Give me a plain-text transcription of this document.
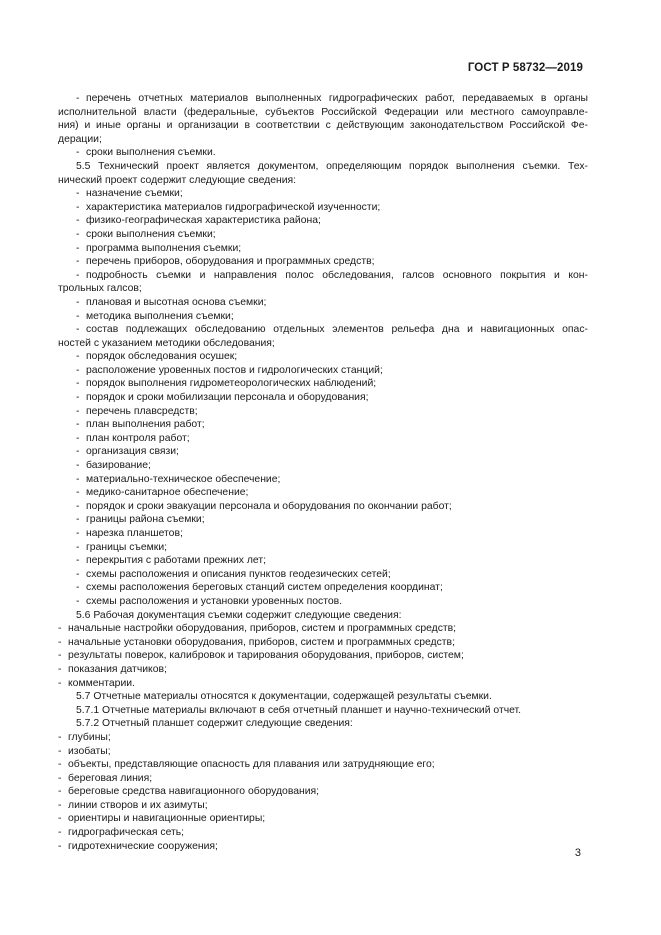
ГОСТ Р 58732—2019
- перечень отчетных материалов выполненных гидрографических работ, передаваемых в органы
исполнительной власти (федеральные, субъектов Российской Федерации или местного самоуправле-
ния) и иные органы и организации в соответствии с действующим законодательством Российской Фе-
дерации;
- сроки выполнения съемки.
5.5 Технический проект является документом, определяющим порядок выполнения съемки. Тех-
нический проект содержит следующие сведения:
- назначение съемки;
- характеристика материалов гидрографической изученности;
- физико-географическая характеристика района;
- сроки выполнения съемки;
- программа выполнения съемки;
- перечень приборов, оборудования и программных средств;
- подробность съемки и направления полос обследования, галсов основного покрытия и кон-
трольных галсов;
- плановая и высотная основа съемки;
- методика выполнения съемки;
- состав подлежащих обследованию отдельных элементов рельефа дна и навигационных опас-
ностей с указанием методики обследования;
- порядок обследования осушек;
- расположение уровенных постов и гидрологических станций;
- порядок выполнения гидрометеорологических наблюдений;
- порядок и сроки мобилизации персонала и оборудования;
- перечень плавсредств;
- план выполнения работ;
- план контроля работ;
- организация связи;
- базирование;
- материально-техническое обеспечение;
- медико-санитарное обеспечение;
- порядок и сроки эвакуации персонала и оборудования по окончании работ;
- границы района съемки;
- нарезка планшетов;
- границы съемки;
- перекрытия с работами прежних лет;
- схемы расположения и описания пунктов геодезических сетей;
- схемы расположения береговых станций систем определения координат;
- схемы расположения и установки уровенных постов.
5.6 Рабочая документация съемки содержит следующие сведения:
- начальные настройки оборудования, приборов, систем и программных средств;
- начальные установки оборудования, приборов, систем и программных средств;
- результаты поверок, калибровок и тарирования оборудования, приборов, систем;
- показания датчиков;
- комментарии.
5.7 Отчетные материалы относятся к документации, содержащей результаты съемки.
5.7.1 Отчетные материалы включают в себя отчетный планшет и научно-технический отчет.
5.7.2 Отчетный планшет содержит следующие сведения:
- глубины;
- изобаты;
- объекты, представляющие опасность для плавания или затрудняющие его;
- береговая линия;
- береговые средства навигационного оборудования;
- линии створов и их азимуты;
- ориентиры и навигационные ориентиры;
- гидрографическая сеть;
- гидротехнические сооружения;
3
